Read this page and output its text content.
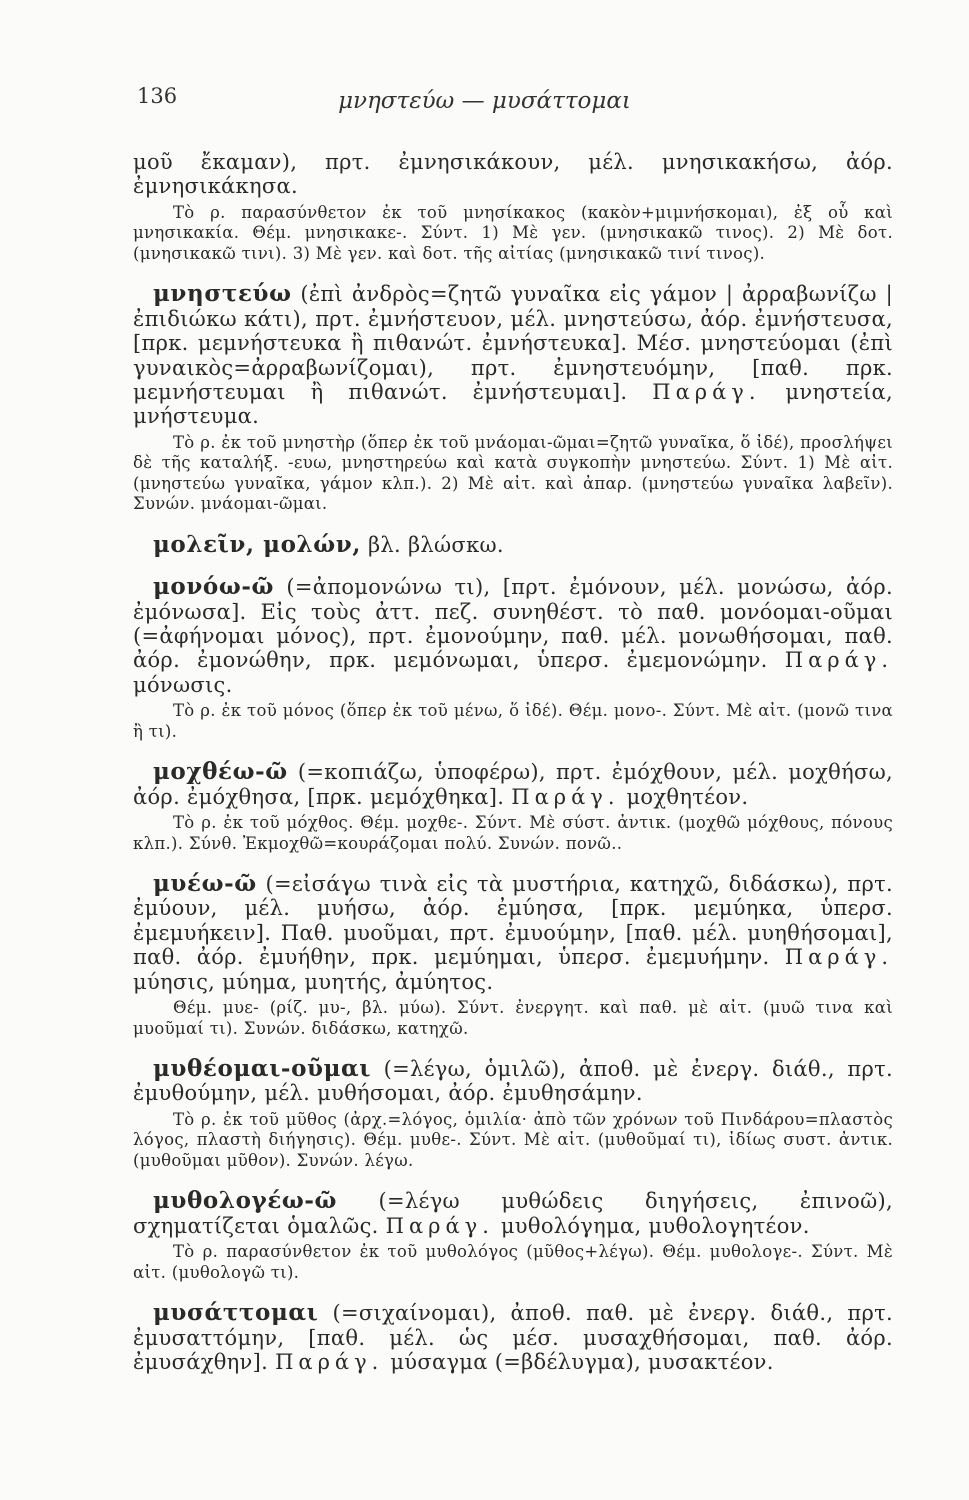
136	μνηστεύω — μυσάττομαι

μοῦ ἔκαμαν), πρτ. ἐμνησικάκουν, μέλ. μνησικακήσω, ἀόρ. ἐμνησικάκησα.

Τὸ ρ. παρασύνθετον ἐκ τοῦ μνησίκακος (κακὸν+μιμνήσκομαι), ἐξ οὗ καὶ μνησικακία. Θέμ. μνησικακε-. Σύντ. 1) Μὲ γεν. (μνησικακῶ τινος). 2) Μὲ δοτ. (μνησικακῶ τινι). 3) Μὲ γεν. καὶ δοτ. τῆς αἰτίας (μνησικακῶ τινί τινος).

μνηστεύω (ἐπὶ ἀνδρὸς=ζητῶ γυναῖκα εἰς γάμον | ἀρραβωνίζω | ἐπιδιώκω κάτι), πρτ. ἐμνήστευον, μέλ. μνηστεύσω, ἀόρ. ἐμνήστευσα, [πρκ. μεμνήστευκα ἢ πιθανώτ. ἐμνήστευκα]. Μέσ. μνηστεύομαι (ἐπὶ γυναικὸς=ἀρραβωνίζομαι), πρτ. ἐμνηστευόμην, [παθ. πρκ. μεμνήστευμαι ἢ πιθανώτ. ἐμνήστευμαι]. Παράγ. μνηστεία, μνήστευμα.

Τὸ ρ. ἐκ τοῦ μνηστὴρ (ὅπερ ἐκ τοῦ μνάομαι-ῶμαι=ζητῶ γυναῖκα, ὅ ἰδέ), προσλήψει δὲ τῆς καταλήξ. -ευω, μνηστηρεύω καὶ κατὰ συγκοπὴν μνηστεύω. Σύντ. 1) Μὲ αἰτ. (μνηστεύω γυναῖκα, γάμον κλπ.). 2) Μὲ αἰτ. καὶ ἀπαρ. (μνηστεύω γυναῖκα λαβεῖν). Συνών. μνάομαι-ῶμαι.

μολεῖν, μολών, βλ. βλώσκω.

μονόω-ῶ (=ἀπομονώνω τι), [πρτ. ἐμόνουν, μέλ. μονώσω, ἀόρ. ἐμόνωσα]. Εἰς τοὺς ἀττ. πεζ. συνηθέστ. τὸ παθ. μονόομαι-οῦμαι (=ἀφήνομαι μόνος), πρτ. ἐμονούμην, παθ. μέλ. μονωθήσομαι, παθ. ἀόρ. ἐμονώθην, πρκ. μεμόνωμαι, ὑπερσ. ἐμεμονώμην. Παράγ. μόνωσις.

Τὸ ρ. ἐκ τοῦ μόνος (ὅπερ ἐκ τοῦ μένω, ὅ ἰδέ). Θέμ. μονο-. Σύντ. Μὲ αἰτ. (μονῶ τινα ἢ τι).

μοχθέω-ῶ (=κοπιάζω, ὑποφέρω), πρτ. ἐμόχθουν, μέλ. μοχθήσω, ἀόρ. ἐμόχθησα, [πρκ. μεμόχθηκα]. Παράγ. μοχθητέον.

Τὸ ρ. ἐκ τοῦ μόχθος. Θέμ. μοχθε-. Σύντ. Μὲ σύστ. ἀντικ. (μοχθῶ μόχθους, πόνους κλπ.). Σύνθ. Ἐκμοχθῶ=κουράζομαι πολύ. Συνών. πονῶ..

μυέω-ῶ (=εἰσάγω τινὰ εἰς τὰ μυστήρια, κατηχῶ, διδάσκω), πρτ. ἐμύουν, μέλ. μυήσω, ἀόρ. ἐμύησα, [πρκ. μεμύηκα, ὑπερσ. ἐμεμυήκειν]. Παθ. μυοῦμαι, πρτ. ἐμυούμην, [παθ. μέλ. μυηθήσομαι], παθ. ἀόρ. ἐμυήθην, πρκ. μεμύημαι, ὑπερσ. ἐμεμυήμην. Παράγ. μύησις, μύημα, μυητής, ἀμύητος.

Θέμ. μυε- (ρίζ. μυ-, βλ. μύω). Σύντ. ἐνεργητ. καὶ παθ. μὲ αἰτ. (μυῶ τινα καὶ μυοῦμαί τι). Συνών. διδάσκω, κατηχῶ.

μυθέομαι-οῦμαι (=λέγω, ὁμιλῶ), ἀποθ. μὲ ἐνεργ. διάθ., πρτ. ἐμυθούμην, μέλ. μυθήσομαι, ἀόρ. ἐμυθησάμην.

Τὸ ρ. ἐκ τοῦ μῦθος (ἀρχ.=λόγος, ὁμιλία· ἀπὸ τῶν χρόνων τοῦ Πινδάρου=πλαστὸς λόγος, πλαστὴ διήγησις). Θέμ. μυθε-. Σύντ. Μὲ αἰτ. (μυθοῦμαί τι), ἰδίως συστ. ἀντικ. (μυθοῦμαι μῦθον). Συνών. λέγω.

μυθολογέω-ῶ (=λέγω μυθώδεις διηγήσεις, ἐπινοῶ), σχηματίζεται ὁμαλῶς. Παράγ. μυθολόγημα, μυθολογητέον.

Τὸ ρ. παρασύνθετον ἐκ τοῦ μυθολόγος (μῦθος+λέγω). Θέμ. μυθολογε-. Σύντ. Μὲ αἰτ. (μυθολογῶ τι).

μυσάττομαι (=σιχαίνομαι), ἀποθ. παθ. μὲ ἐνεργ. διάθ., πρτ. ἐμυσαττόμην, [παθ. μέλ. ὡς μέσ. μυσαχθήσομαι, παθ. ἀόρ. ἐμυσάχθην]. Παράγ. μύσαγμα (=βδέλυγμα), μυσακτέον.
